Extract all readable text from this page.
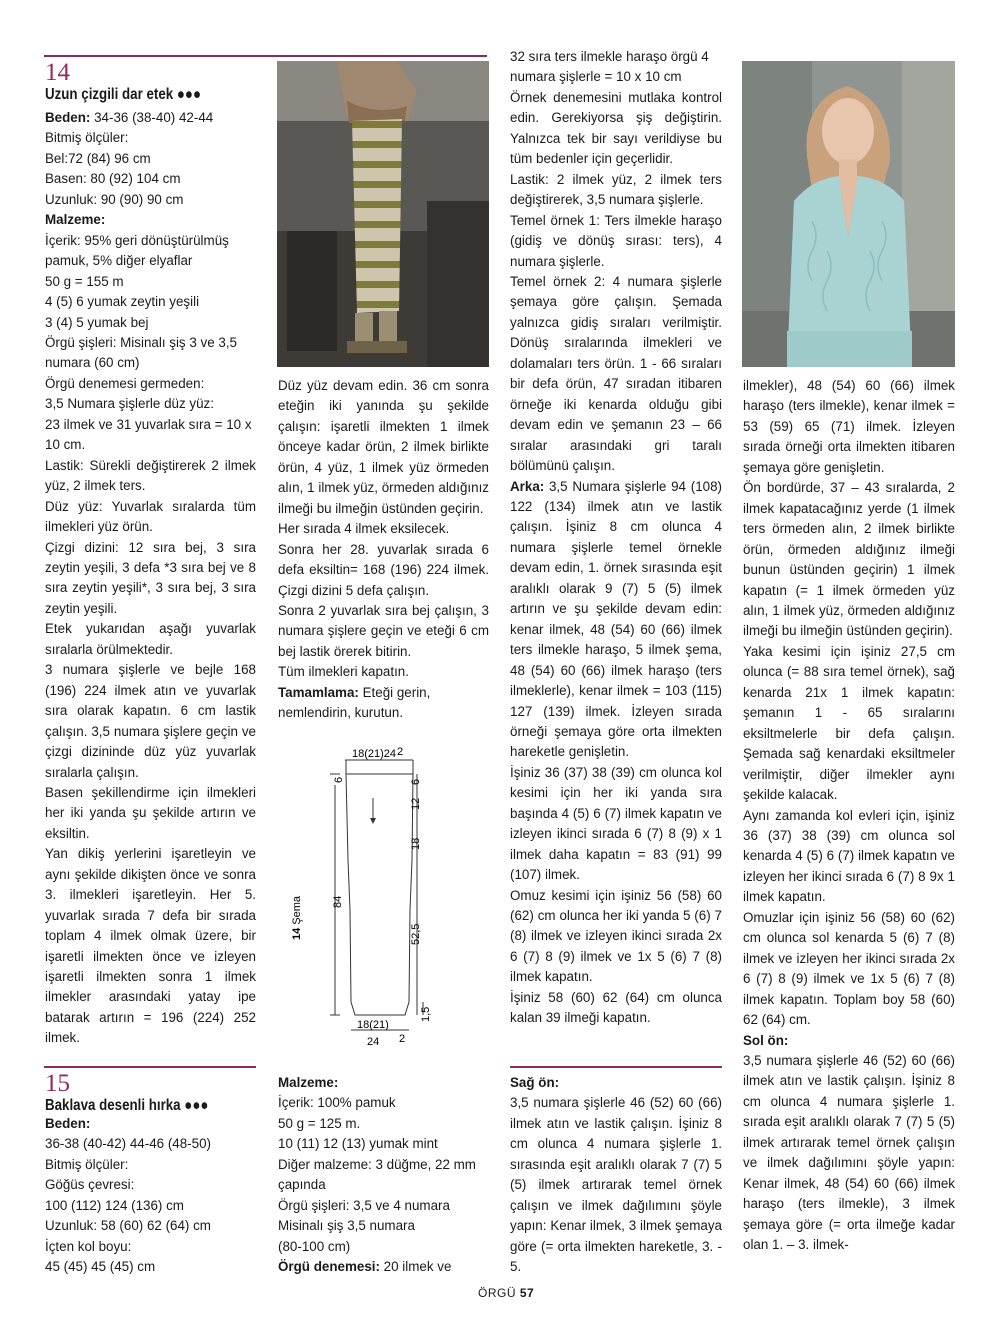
14
Uzun çizgili dar etek ●●●

Beden: 34-36 (38-40) 42-44

Bitmiş ölçüler:

Bel:72 (84) 96 cm

Basen: 80 (92) 104 cm

Uzunluk: 90 (90) 90 cm

Malzeme:

İçerik: 95% geri dönüştürülmüş pamuk, 5% diğer elyaflar

50 g = 155 m

4 (5) 6 yumak zeytin yeşili

3 (4) 5 yumak bej

Örgü şişleri: Misinalı şiş 3 ve 3,5 numara (60 cm)

Örgü denemesi germeden:

3,5 Numara şişlerle düz yüz:

23 ilmek ve 31 yuvarlak sıra = 10 x 10 cm.

Lastik: Sürekli değiştirerek 2 ilmek yüz, 2 ilmek ters.

Düz yüz: Yuvarlak sıralarda tüm ilmekleri yüz örün.

Çizgi dizini: 12 sıra bej, 3 sıra zeytin yeşili, 3 defa *3 sıra bej ve 8 sıra zeytin yeşili*, 3 sıra bej, 3 sıra zeytin yeşili.

Etek yukarıdan aşağı yuvarlak sıralarla örülmektedir.

3 numara şişlerle ve bejle 168 (196) 224 ilmek atın ve yuvarlak sıra olarak kapatın. 6 cm lastik çalışın. 3,5 numara şişlere geçin ve çizgi dizininde düz yüz yuvarlak sıralarla çalışın.

Basen şekillendirme için ilmekleri her iki yanda şu şekilde artırın ve eksiltin.

Yan dikiş yerlerini işaretleyin ve aynı şekilde dikişten önce ve sonra 3. ilmekleri işaretleyin. Her 5. yuvarlak sırada 7 defa bir sırada toplam 4 ilmek olmak üzere, bir işaretli ilmekten önce ve izleyen işaretli ilmekten sonra 1 ilmek ilmekler arasındaki yatay ipe batarak artırın = 196 (224) 252 ilmek.

Düz yüz devam edin. 36 cm sonra eteğin iki yanında şu şekilde çalışın: işaretli ilmekten 1 ilmek önceye kadar örün, 2 ilmek birlikte örün, 4 yüz, 1 ilmek yüz örmeden alın, 1 ilmek yüz, örmeden aldığınız ilmeği bu ilmeğin üstünden geçirin.

Her sırada 4 ilmek eksilecek.

Sonra her 28. yuvarlak sırada 6 defa eksiltin= 168 (196) 224 ilmek. Çizgi dizini 5 defa çalışın.

Sonra 2 yuvarlak sıra bej çalışın, 3 numara şişlere geçin ve eteği 6 cm bej lastik örerek bitirin.

Tüm ilmekleri kapatın.

Tamamlama: Eteği gerin, nemlendirin, kurutun.

18(21)24 2
6	6
12
18
84
52,5
1,5
18(21)
24 2
14 Şema

32 sıra ters ilmekle haraşo örgü 4 numara şişlerle = 10 x 10 cm

Örnek denemesini mutlaka kontrol edin. Gerekiyorsa şiş değiştirin. Yalnızca tek bir sayı verildiyse bu tüm bedenler için geçerlidir.

Lastik: 2 ilmek yüz, 2 ilmek ters değiştirerek, 3,5 numara şişlerle.

Temel örnek 1: Ters ilmekle haraşo (gidiş ve dönüş sırası: ters), 4 numara şişlerle.

Temel örnek 2: 4 numara şişlerle şemaya göre çalışın. Şemada yalnızca gidiş sıraları verilmiştir. Dönüş sıralarında ilmekleri ve dolamaları ters örün. 1 - 66 sıraları bir defa örün, 47 sıradan itibaren örneğe iki kenarda olduğu gibi devam edin ve şemanın 23 – 66 sıralar arasındaki gri taralı bölümünü çalışın.

Arka: 3,5 Numara şişlerle 94 (108) 122 (134) ilmek atın ve lastik çalışın. İşiniz 8 cm olunca 4 numara şişlerle temel örnekle devam edin, 1. örnek sırasında eşit aralıklı olarak 9 (7) 5 (5) ilmek artırın ve şu şekilde devam edin: kenar ilmek, 48 (54) 60 (66) ilmek ters ilmekle haraşo, 5 ilmek şema, 48 (54) 60 (66) ilmek haraşo (ters ilmeklerle), kenar ilmek = 103 (115) 127 (139) ilmek. İzleyen sırada örneği şemaya göre orta ilmekten hareketle genişletin.

İşiniz 36 (37) 38 (39) cm olunca kol kesimi için her iki yanda sıra başında 4 (5) 6 (7) ilmek kapatın ve izleyen ikinci sırada 6 (7) 8 (9) x 1 ilmek daha kapatın = 83 (91) 99 (107) ilmek.

Omuz kesimi için işiniz 56 (58) 60 (62) cm olunca her iki yanda 5 (6) 7 (8) ilmek ve izleyen ikinci sırada 2x 6 (7) 8 (9) ilmek ve 1x 5 (6) 7 (8) ilmek kapatın.

İşiniz 58 (60) 62 (64) cm olunca kalan 39 ilmeği kapatın.

Sağ ön:

3,5 numara şişlerle 46 (52) 60 (66) ilmek atın ve lastik çalışın. İşiniz 8 cm olunca 4 numara şişlerle 1. sırasında eşit aralıklı olarak 7 (7) 5 (5) ilmek artırarak temel örnek çalışın ve ilmek dağılımını şöyle yapın: Kenar ilmek, 3 ilmek şemaya göre (= orta ilmekten hareketle, 3. - 5.

ilmekler), 48 (54) 60 (66) ilmek haraşo (ters ilmekle), kenar ilmek = 53 (59) 65 (71) ilmek. İzleyen sırada örneği orta ilmekten itibaren şemaya göre genişletin.

Ön bordürde, 37 – 43 sıralarda, 2 ilmek kapatacağınız yerde (1 ilmek ters örmeden alın, 2 ilmek birlikte örün, örmeden aldığınız ilmeği bunun üstünden geçirin) 1 ilmek kapatın (= 1 ilmek örmeden yüz alın, 1 ilmek yüz, örmeden aldığınız ilmeği bu ilmeğin üstünden geçirin).

Yaka kesimi için işiniz 27,5 cm olunca (= 88 sıra temel örnek), sağ kenarda 21x 1 ilmek kapatın: şemanın 1 - 65 sıralarını eksiltmelerle bir defa çalışın. Şemada sağ kenardaki eksiltmeler verilmiştir, diğer ilmekler aynı şekilde kalacak.

Aynı zamanda kol evleri için, işiniz 36 (37) 38 (39) cm olunca sol kenarda 4 (5) 6 (7) ilmek kapatın ve izleyen her ikinci sırada 6 (7) 8 9x 1 ilmek kapatın.

Omuzlar için işiniz 56 (58) 60 (62) cm olunca sol kenarda 5 (6) 7 (8) ilmek ve izleyen her ikinci sırada 2x 6 (7) 8 (9) ilmek ve 1x 5 (6) 7 (8) ilmek kapatın. Toplam boy 58 (60) 62 (64) cm.

Sol ön:

3,5 numara şişlerle 46 (52) 60 (66) ilmek atın ve lastik çalışın. İşiniz 8 cm olunca 4 numara şişlerle 1. sırada eşit aralıklı olarak 7 (7) 5 (5) ilmek artırarak temel örnek çalışın ve ilmek dağılımını şöyle yapın: Kenar ilmek, 48 (54) 60 (66) ilmek haraşo (ters ilmekle), 3 ilmek şemaya göre (= orta ilmeğe kadar olan 1. – 3. ilmek-

15
Baklava desenli hırka ●●●

Beden:

36-38 (40-42) 44-46 (48-50)

Bitmiş ölçüler:

Göğüs çevresi:

100 (112) 124 (136) cm

Uzunluk: 58 (60) 62 (64) cm

İçten kol boyu:

45 (45) 45 (45) cm

Malzeme:

İçerik: 100% pamuk

50 g = 125 m.

10 (11) 12 (13) yumak mint

Diğer malzeme: 3 düğme, 22 mm çapında

Örgü şişleri: 3,5 ve 4 numara

Misinalı şiş 3,5 numara

(80-100 cm)

Örgü denemesi: 20 ilmek ve

ÖRGÜ 57
